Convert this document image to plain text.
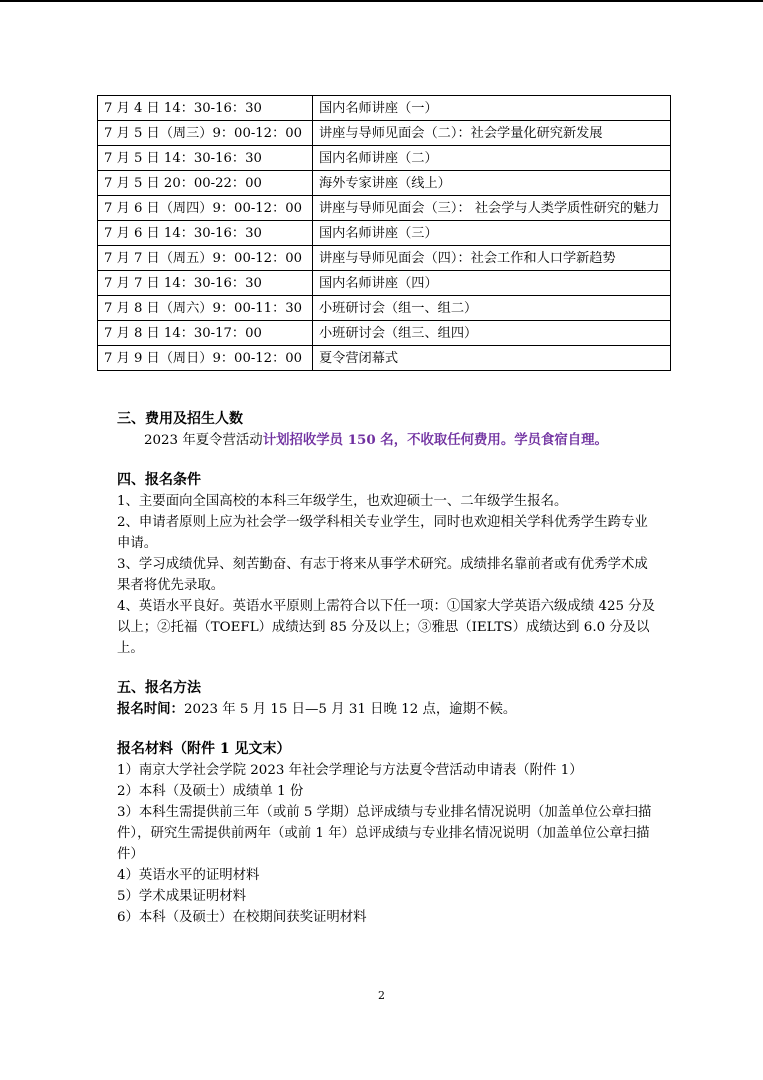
7 月 4 日 14：30-16：30	国内名师讲座（一）
7 月 5 日（周三）9：00-12：00	讲座与导师见面会（二）：社会学量化研究新发展
7 月 5 日 14：30-16：30	国内名师讲座（二）
7 月 5 日 20：00-22：00	海外专家讲座（线上）
7 月 6 日（周四）9：00-12：00	讲座与导师见面会（三）： 社会学与人类学质性研究的魅力
7 月 6 日 14：30-16：30	国内名师讲座（三）
7 月 7 日（周五）9：00-12：00	讲座与导师见面会（四）：社会工作和人口学新趋势
7 月 7 日 14：30-16：30	国内名师讲座（四）
7 月 8 日（周六）9：00-11：30	小班研讨会（组一、组二）
7 月 8 日 14：30-17：00	小班研讨会（组三、组四）
7 月 9 日（周日）9：00-12：00	夏令营闭幕式

三、费用及招生人数

2023 年夏令营活动计划招收学员 150 名，不收取任何费用。学员食宿自理。

四、报名条件

1、主要面向全国高校的本科三年级学生，也欢迎硕士一、二年级学生报名。

2、申请者原则上应为社会学一级学科相关专业学生，同时也欢迎相关学科优秀学生跨专业申请。

3、学习成绩优异、刻苦勤奋、有志于将来从事学术研究。成绩排名靠前者或有优秀学术成果者将优先录取。

4、英语水平良好。英语水平原则上需符合以下任一项：①国家大学英语六级成绩 425 分及以上；②托福（TOEFL）成绩达到 85 分及以上；③雅思（IELTS）成绩达到 6.0 分及以上。

五、报名方法

报名时间：2023 年 5 月 15 日—5 月 31 日晚 12 点，逾期不候。

报名材料（附件 1 见文末）

1）南京大学社会学院 2023 年社会学理论与方法夏令营活动申请表（附件 1）

2）本科（及硕士）成绩单 1 份

3）本科生需提供前三年（或前 5 学期）总评成绩与专业排名情况说明（加盖单位公章扫描件），研究生需提供前两年（或前 1 年）总评成绩与专业排名情况说明（加盖单位公章扫描件）

4）英语水平的证明材料

5）学术成果证明材料

6）本科（及硕士）在校期间获奖证明材料

2
